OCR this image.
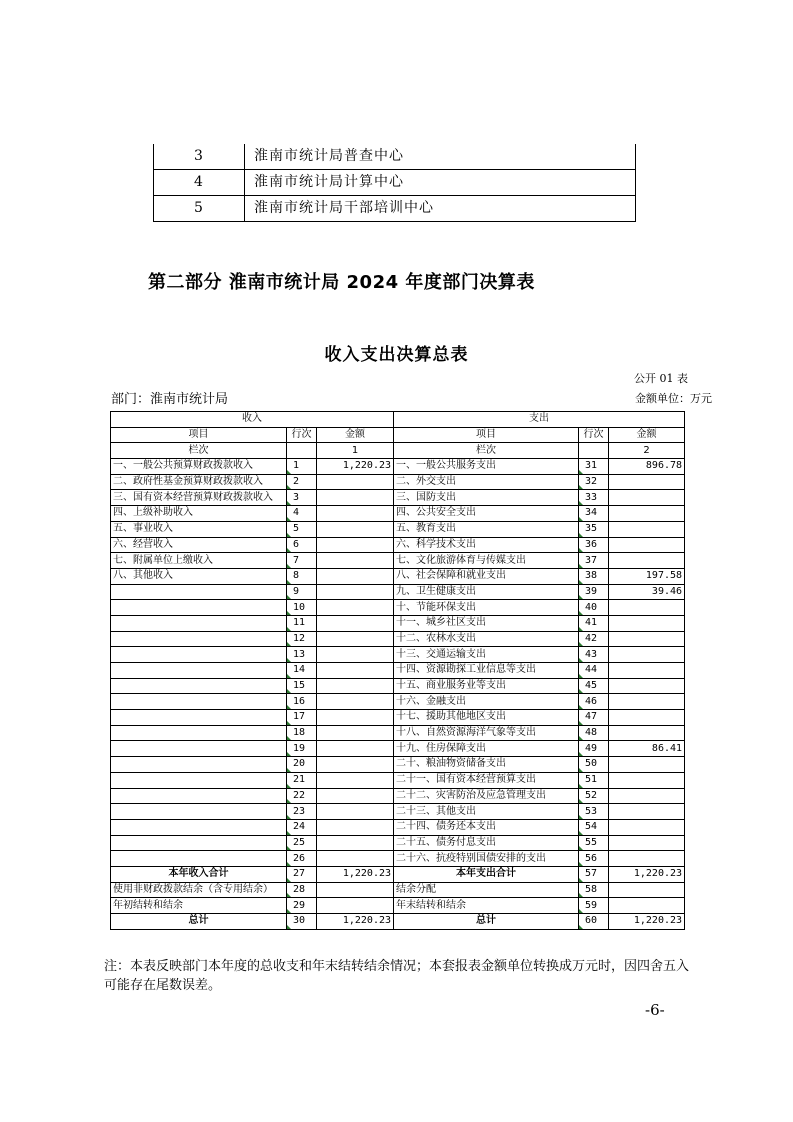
3	淮南市统计局普查中心
4	淮南市统计局计算中心
5	淮南市统计局干部培训中心
第二部分 淮南市统计局 2024 年度部门决算表
收入支出决算总表
公开 01 表
部门：淮南市统计局	金额单位：万元
收入			支出		
项目	行次	金额	项目	行次	金额
栏次		1	栏次		2
一、一般公共预算财政拨款收入	1	1,220.23	一、一般公共服务支出	31	896.78
二、政府性基金预算财政拨款收入	2		二、外交支出	32	
三、国有资本经营预算财政拨款收入	3		三、国防支出	33	
四、上级补助收入	4		四、公共安全支出	34	
五、事业收入	5		五、教育支出	35	
六、经营收入	6		六、科学技术支出	36	
七、附属单位上缴收入	7		七、文化旅游体育与传媒支出	37	
八、其他收入	8		八、社会保障和就业支出	38	197.58
	9		九、卫生健康支出	39	39.46
	10		十、节能环保支出	40	
	11		十一、城乡社区支出	41	
	12		十二、农林水支出	42	
	13		十三、交通运输支出	43	
	14		十四、资源勘探工业信息等支出	44	
	15		十五、商业服务业等支出	45	
	16		十六、金融支出	46	
	17		十七、援助其他地区支出	47	
	18		十八、自然资源海洋气象等支出	48	
	19		十九、住房保障支出	49	86.41
	20		二十、粮油物资储备支出	50	
	21		二十一、国有资本经营预算支出	51	
	22		二十二、灾害防治及应急管理支出	52	
	23		二十三、其他支出	53	
	24		二十四、债务还本支出	54	
	25		二十五、债务付息支出	55	
	26		二十六、抗疫特别国债安排的支出	56	
本年收入合计	27	1,220.23	本年支出合计	57	1,220.23
使用非财政拨款结余（含专用结余）	28		结余分配	58	
年初结转和结余	29		年末结转和结余	59	
总计	30	1,220.23	总计	60	1,220.23

注：本表反映部门本年度的总收支和年末结转结余情况；本套报表金额单位转换成万元时，因四舍五入可能存在尾数误差。

-6-
